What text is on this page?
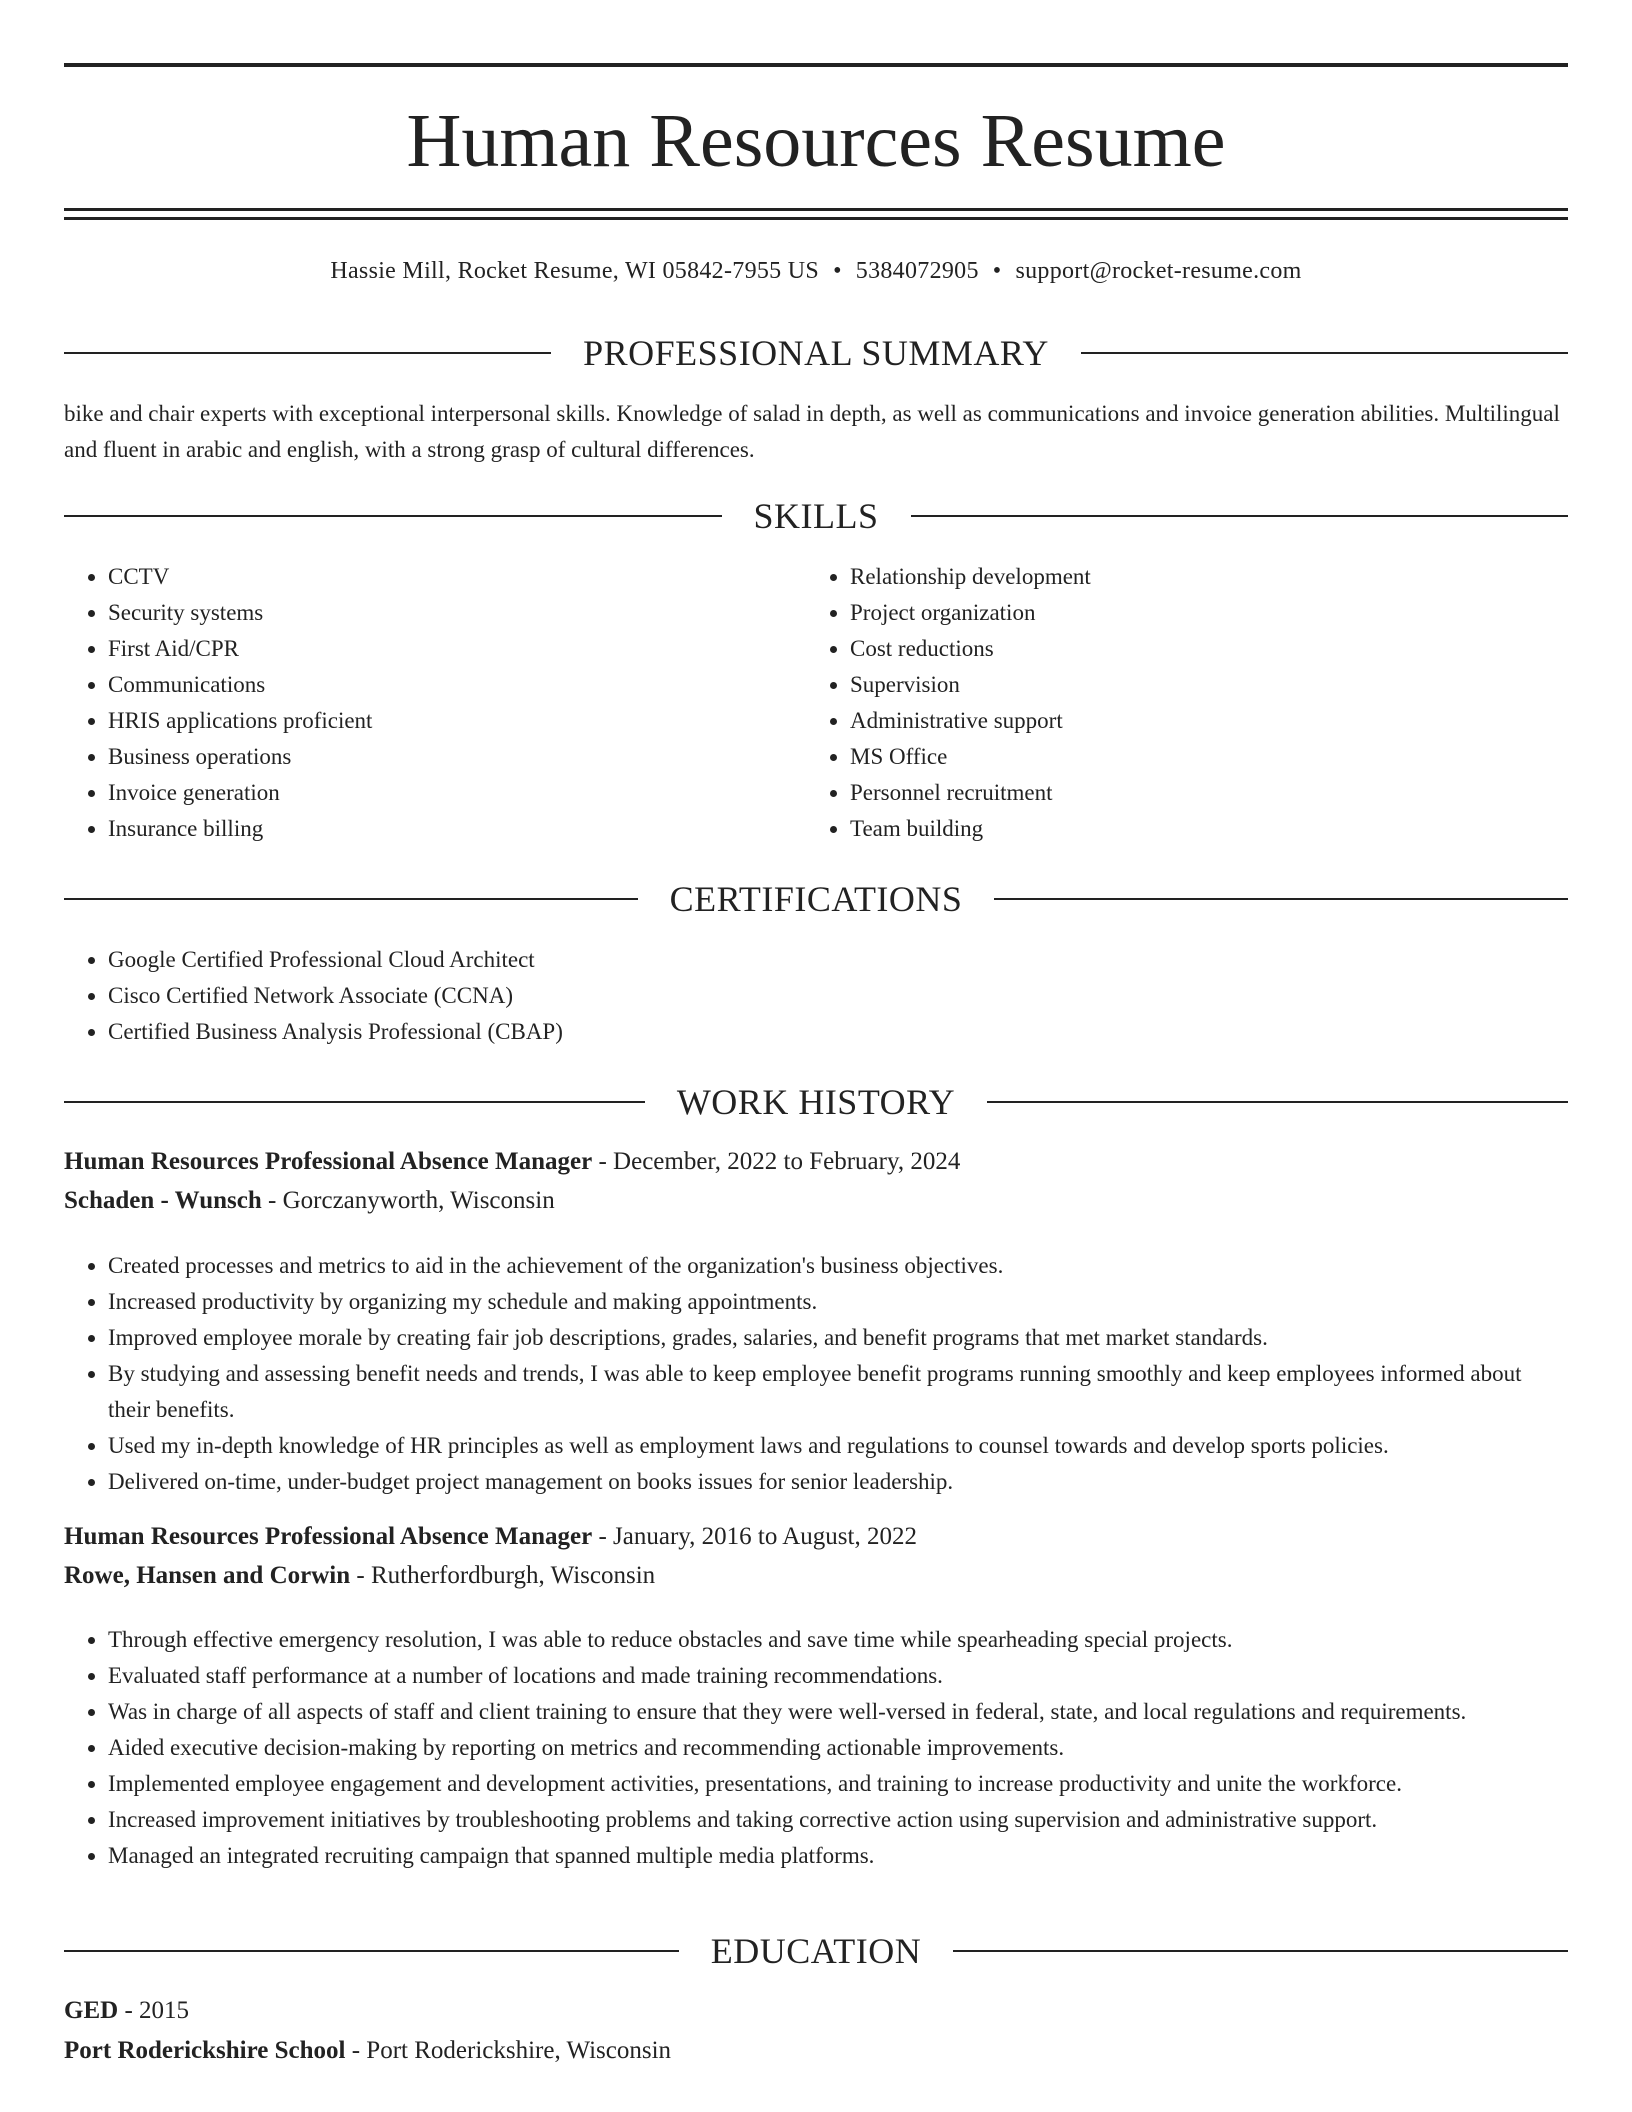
Human Resources Resume
Hassie Mill, Rocket Resume, WI 05842-7955 US • 5384072905 • support@rocket-resume.com
PROFESSIONAL SUMMARY

bike and chair experts with exceptional interpersonal skills. Knowledge of salad in depth, as well as communications and invoice generation abilities. Multilingual and fluent in arabic and english, with a strong grasp of cultural differences.

SKILLS
• CCTV
• Security systems
• First Aid/CPR
• Communications
• HRIS applications proficient
• Business operations
• Invoice generation
• Insurance billing
• Relationship development
• Project organization
• Cost reductions
• Supervision
• Administrative support
• MS Office
• Personnel recruitment
• Team building
CERTIFICATIONS
• Google Certified Professional Cloud Architect
• Cisco Certified Network Associate (CCNA)
• Certified Business Analysis Professional (CBAP)
WORK HISTORY
Human Resources Professional Absence Manager - December, 2022 to February, 2024
Schaden - Wunsch - Gorczanyworth, Wisconsin
• Created processes and metrics to aid in the achievement of the organization's business objectives.
• Increased productivity by organizing my schedule and making appointments.
• Improved employee morale by creating fair job descriptions, grades, salaries, and benefit programs that met market standards.
• By studying and assessing benefit needs and trends, I was able to keep employee benefit programs running smoothly and keep employees informed about their benefits.
• Used my in-depth knowledge of HR principles as well as employment laws and regulations to counsel towards and develop sports policies.
• Delivered on-time, under-budget project management on books issues for senior leadership.
Human Resources Professional Absence Manager - January, 2016 to August, 2022
Rowe, Hansen and Corwin - Rutherfordburgh, Wisconsin
• Through effective emergency resolution, I was able to reduce obstacles and save time while spearheading special projects.
• Evaluated staff performance at a number of locations and made training recommendations.
• Was in charge of all aspects of staff and client training to ensure that they were well-versed in federal, state, and local regulations and requirements.
• Aided executive decision-making by reporting on metrics and recommending actionable improvements.
• Implemented employee engagement and development activities, presentations, and training to increase productivity and unite the workforce.
• Increased improvement initiatives by troubleshooting problems and taking corrective action using supervision and administrative support.
• Managed an integrated recruiting campaign that spanned multiple media platforms.
EDUCATION
GED - 2015
Port Roderickshire School - Port Roderickshire, Wisconsin
